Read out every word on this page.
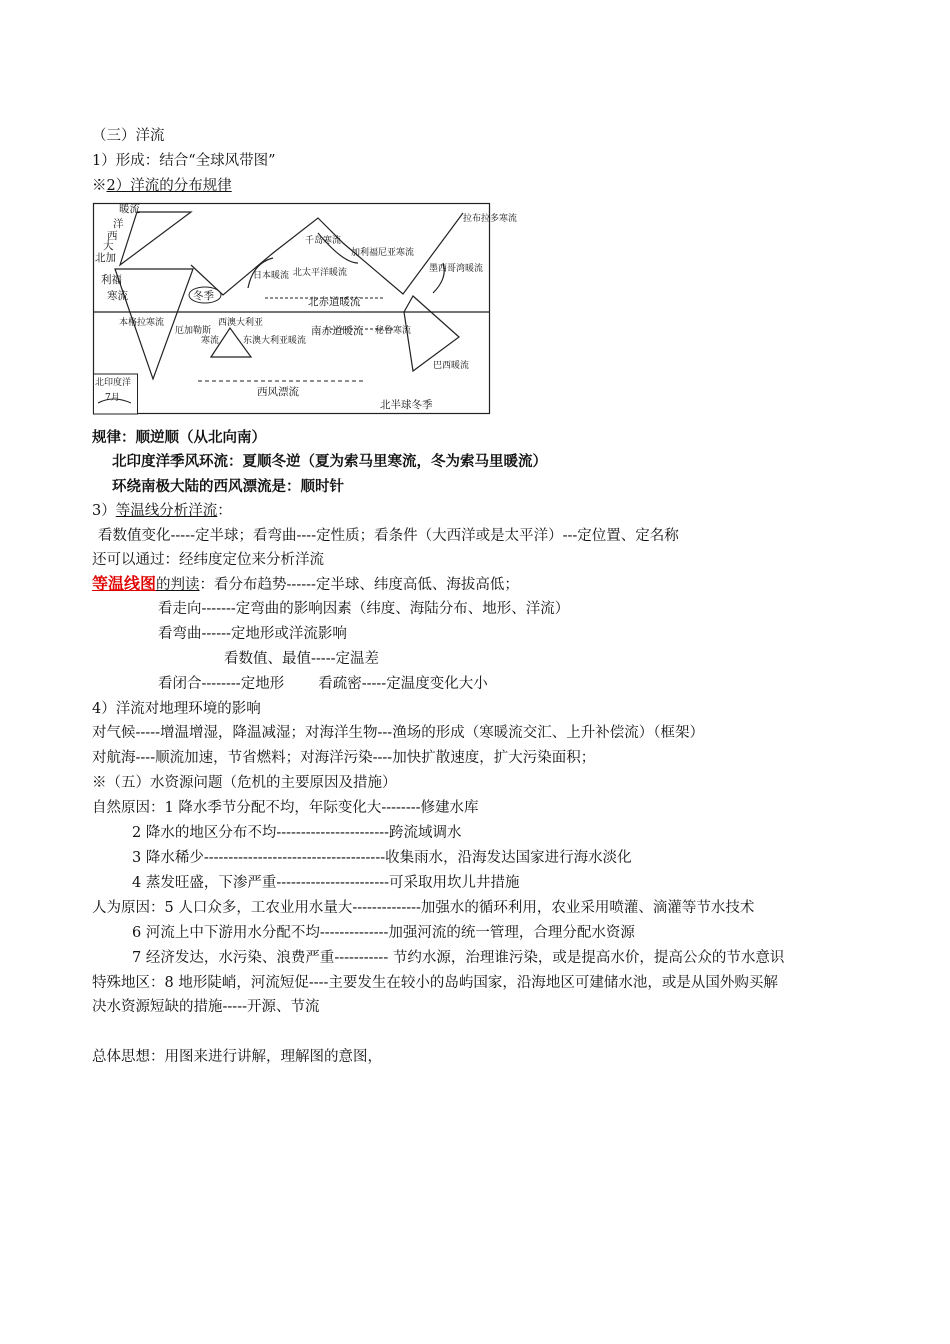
（三）洋流
1）形成：结合“全球风带图”
※2）洋流的分布规律
暖流
洋
西
大
北加
利福
寒流
本格拉寒流
厄加勒斯
西澳大利亚
寒流	东澳大利亚暖流
日本暖流
千岛寒流
北太平洋暖流
加利福尼亚寒流
北赤道暖流
南赤道暖流
冬季
拉布拉多寒流
墨西哥湾暖流
秘鲁寒流
巴西暖流
西风漂流
北半球冬季
北印度洋
7月
规律：顺逆顺（从北向南）
北印度洋季风环流：夏顺冬逆（夏为索马里寒流，冬为索马里暖流）
环绕南极大陆的西风漂流是：顺时针
3）等温线分析洋流：
看数值变化-----定半球；看弯曲----定性质；看条件（大西洋或是太平洋）---定位置、定名称
还可以通过：经纬度定位来分析洋流
等温线图的判读：看分布趋势------定半球、纬度高低、海拔高低；
看走向-------定弯曲的影响因素（纬度、海陆分布、地形、洋流）
看弯曲------定地形或洋流影响
看数值、最值-----定温差
看闭合--------定地形 看疏密-----定温度变化大小
4）洋流对地理环境的影响
对气候-----增温增湿，降温减湿；对海洋生物---渔场的形成（寒暖流交汇、上升补偿流）（框架）
对航海----顺流加速，节省燃料；对海洋污染----加快扩散速度，扩大污染面积；
※（五）水资源问题（危机的主要原因及措施）
自然原因：1 降水季节分配不均，年际变化大--------修建水库
2 降水的地区分布不均-----------------------跨流域调水
3 降水稀少-------------------------------------收集雨水，沿海发达国家进行海水淡化
4 蒸发旺盛，下渗严重-----------------------可采取用坎儿井措施
人为原因：5 人口众多，工农业用水量大--------------加强水的循环利用，农业采用喷灌、滴灌等节水技术
6 河流上中下游用水分配不均--------------加强河流的统一管理，合理分配水资源
7 经济发达，水污染、浪费严重----------- 节约水源，治理谁污染，或是提高水价，提高公众的节水意识
特殊地区：8 地形陡峭，河流短促----主要发生在较小的岛屿国家，沿海地区可建储水池，或是从国外购买解
决水资源短缺的措施-----开源、节流
总体思想：用图来进行讲解，理解图的意图，
